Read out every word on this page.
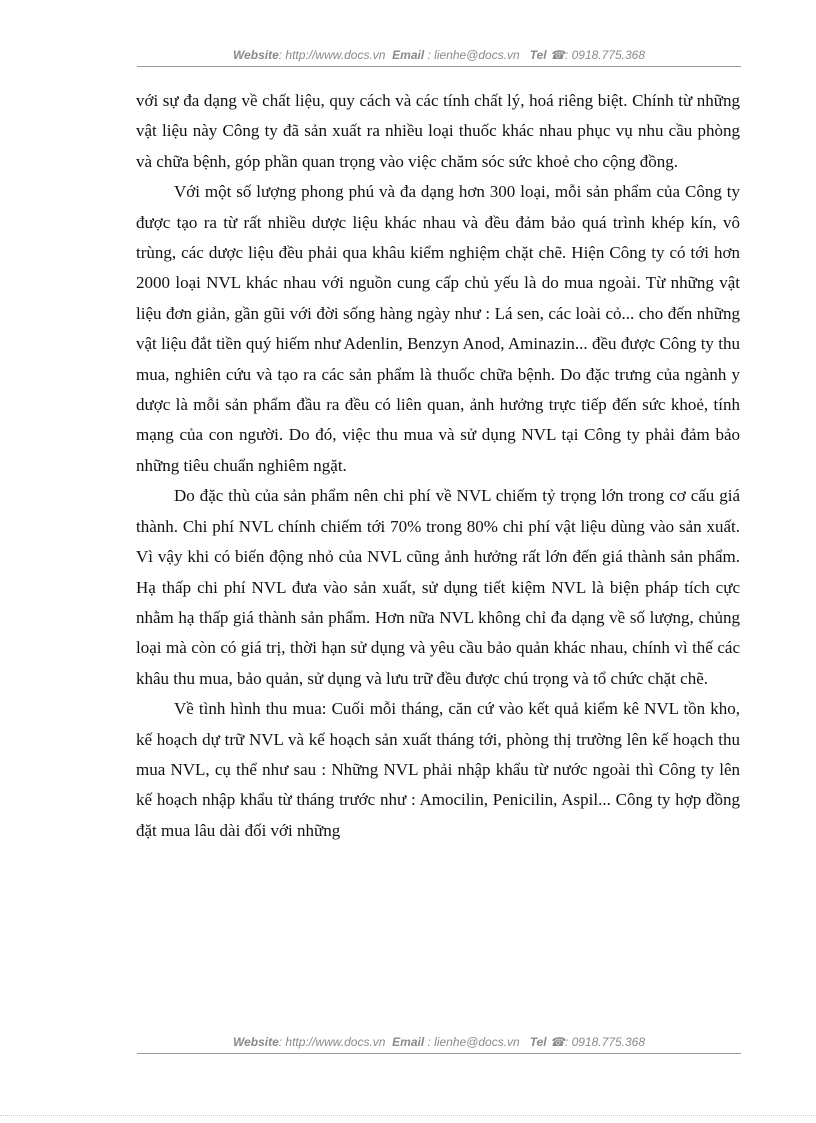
Website: http://www.docs.vn Email : lienhe@docs.vn Tel ☎: 0918.775.368

với sự đa dạng về chất liệu, quy cách và các tính chất lý, hoá riêng biệt. Chính từ những vật liệu này Công ty đã sản xuất ra nhiều loại thuốc khác nhau phục vụ nhu cầu phòng và chữa bệnh, góp phần quan trọng vào việc chăm sóc sức khoẻ cho cộng đồng.

Với một số lượng phong phú và đa dạng hơn 300 loại, mỗi sản phẩm của Công ty được tạo ra từ rất nhiều dược liệu khác nhau và đều đảm bảo quá trình khép kín, vô trùng, các dược liệu đều phải qua khâu kiểm nghiệm chặt chẽ. Hiện Công ty có tới hơn 2000 loại NVL khác nhau với nguồn cung cấp chủ yếu là do mua ngoài. Từ những vật liệu đơn giản, gần gũi với đời sống hàng ngày như : Lá sen, các loài cỏ... cho đến những vật liệu đắt tiền quý hiếm như Adenlin, Benzyn Anod, Aminazin... đều được Công ty thu mua, nghiên cứu và tạo ra các sản phẩm là thuốc chữa bệnh. Do đặc trưng của ngành y dược là mỗi sản phẩm đầu ra đều có liên quan, ảnh hưởng trực tiếp đến sức khoẻ, tính mạng của con người. Do đó, việc thu mua và sử dụng NVL tại Công ty phải đảm bảo những tiêu chuẩn nghiêm ngặt.

Do đặc thù của sản phẩm nên chi phí về NVL chiếm tỷ trọng lớn trong cơ cấu giá thành. Chi phí NVL chính chiếm tới 70% trong 80% chi phí vật liệu dùng vào sản xuất. Vì vậy khi có biến động nhỏ của NVL cũng ảnh hưởng rất lớn đến giá thành sản phẩm. Hạ thấp chi phí NVL đưa vào sản xuất, sử dụng tiết kiệm NVL là biện pháp tích cực nhằm hạ thấp giá thành sản phẩm. Hơn nữa NVL không chỉ đa dạng về số lượng, chủng loại mà còn có giá trị, thời hạn sử dụng và yêu cầu bảo quản khác nhau, chính vì thế các khâu thu mua, bảo quản, sử dụng và lưu trữ đều được chú trọng và tổ chức chặt chẽ.

Về tình hình thu mua: Cuối mỗi tháng, căn cứ vào kết quả kiểm kê NVL tồn kho, kế hoạch dự trữ NVL và kế hoạch sản xuất tháng tới, phòng thị trường lên kế hoạch thu mua NVL, cụ thể như sau : Những NVL phải nhập khẩu từ nước ngoài thì Công ty lên kế hoạch nhập khẩu từ tháng trước như : Amocilin, Penicilin, Aspil... Công ty hợp đồng đặt mua lâu dài đối với những

Website: http://www.docs.vn Email : lienhe@docs.vn Tel ☎: 0918.775.368
